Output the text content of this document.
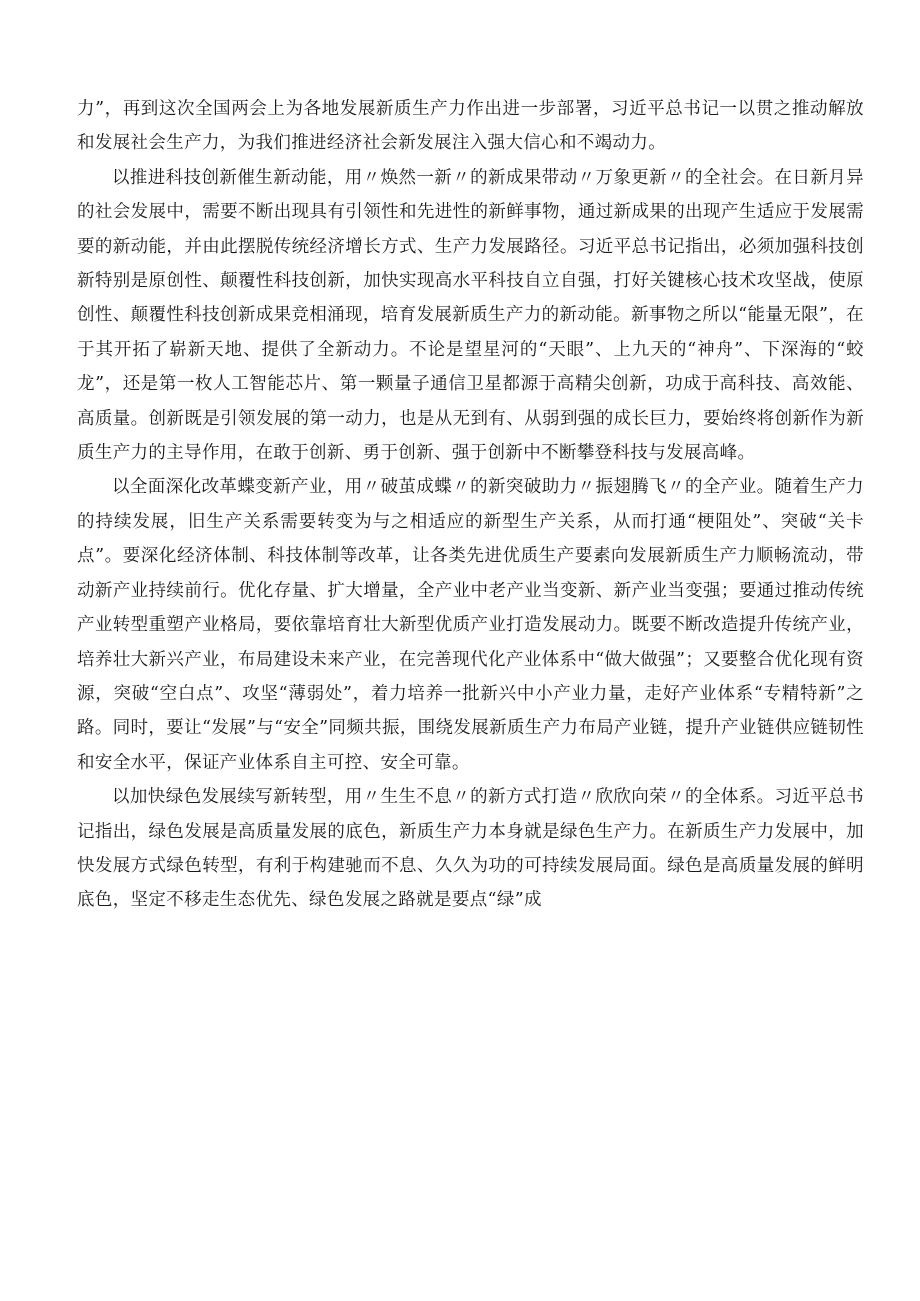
力”，再到这次全国两会上为各地发展新质生产力作出进一步部署，习近平总书记一以贯之推动解放和发展社会生产力，为我们推进经济社会新发展注入强大信心和不竭动力。

以推进科技创新催生新动能，用〃焕然一新〃的新成果带动〃万象更新〃的全社会。在日新月异的社会发展中，需要不断出现具有引领性和先进性的新鲜事物，通过新成果的出现产生适应于发展需要的新动能，并由此摆脱传统经济增长方式、生产力发展路径。习近平总书记指出，必须加强科技创新特别是原创性、颠覆性科技创新，加快实现高水平科技自立自强，打好关键核心技术攻坚战，使原创性、颠覆性科技创新成果竞相涌现，培育发展新质生产力的新动能。新事物之所以“能量无限”，在于其开拓了崭新天地、提供了全新动力。不论是望星河的“天眼”、上九天的“神舟”、下深海的“蛟龙”，还是第一枚人工智能芯片、第一颗量子通信卫星都源于高精尖创新，功成于高科技、高效能、高质量。创新既是引领发展的第一动力，也是从无到有、从弱到强的成长巨力，要始终将创新作为新质生产力的主导作用，在敢于创新、勇于创新、强于创新中不断攀登科技与发展高峰。

以全面深化改革蝶变新产业，用〃破茧成蝶〃的新突破助力〃振翅腾飞〃的全产业。随着生产力的持续发展，旧生产关系需要转变为与之相适应的新型生产关系，从而打通“梗阻处”、突破“关卡点”。要深化经济体制、科技体制等改革，让各类先进优质生产要素向发展新质生产力顺畅流动，带动新产业持续前行。优化存量、扩大增量，全产业中老产业当变新、新产业当变强；要通过推动传统产业转型重塑产业格局，要依靠培育壮大新型优质产业打造发展动力。既要不断改造提升传统产业，培养壮大新兴产业，布局建设未来产业，在完善现代化产业体系中“做大做强”；又要整合优化现有资源，突破“空白点”、攻坚“薄弱处”，着力培养一批新兴中小产业力量，走好产业体系“专精特新”之路。同时，要让“发展”与“安全”同频共振，围绕发展新质生产力布局产业链，提升产业链供应链韧性和安全水平，保证产业体系自主可控、安全可靠。

以加快绿色发展续写新转型，用〃生生不息〃的新方式打造〃欣欣向荣〃的全体系。习近平总书记指出，绿色发展是高质量发展的底色，新质生产力本身就是绿色生产力。在新质生产力发展中，加快发展方式绿色转型，有利于构建驰而不息、久久为功的可持续发展局面。绿色是高质量发展的鲜明底色，坚定不移走生态优先、绿色发展之路就是要点“绿”成
